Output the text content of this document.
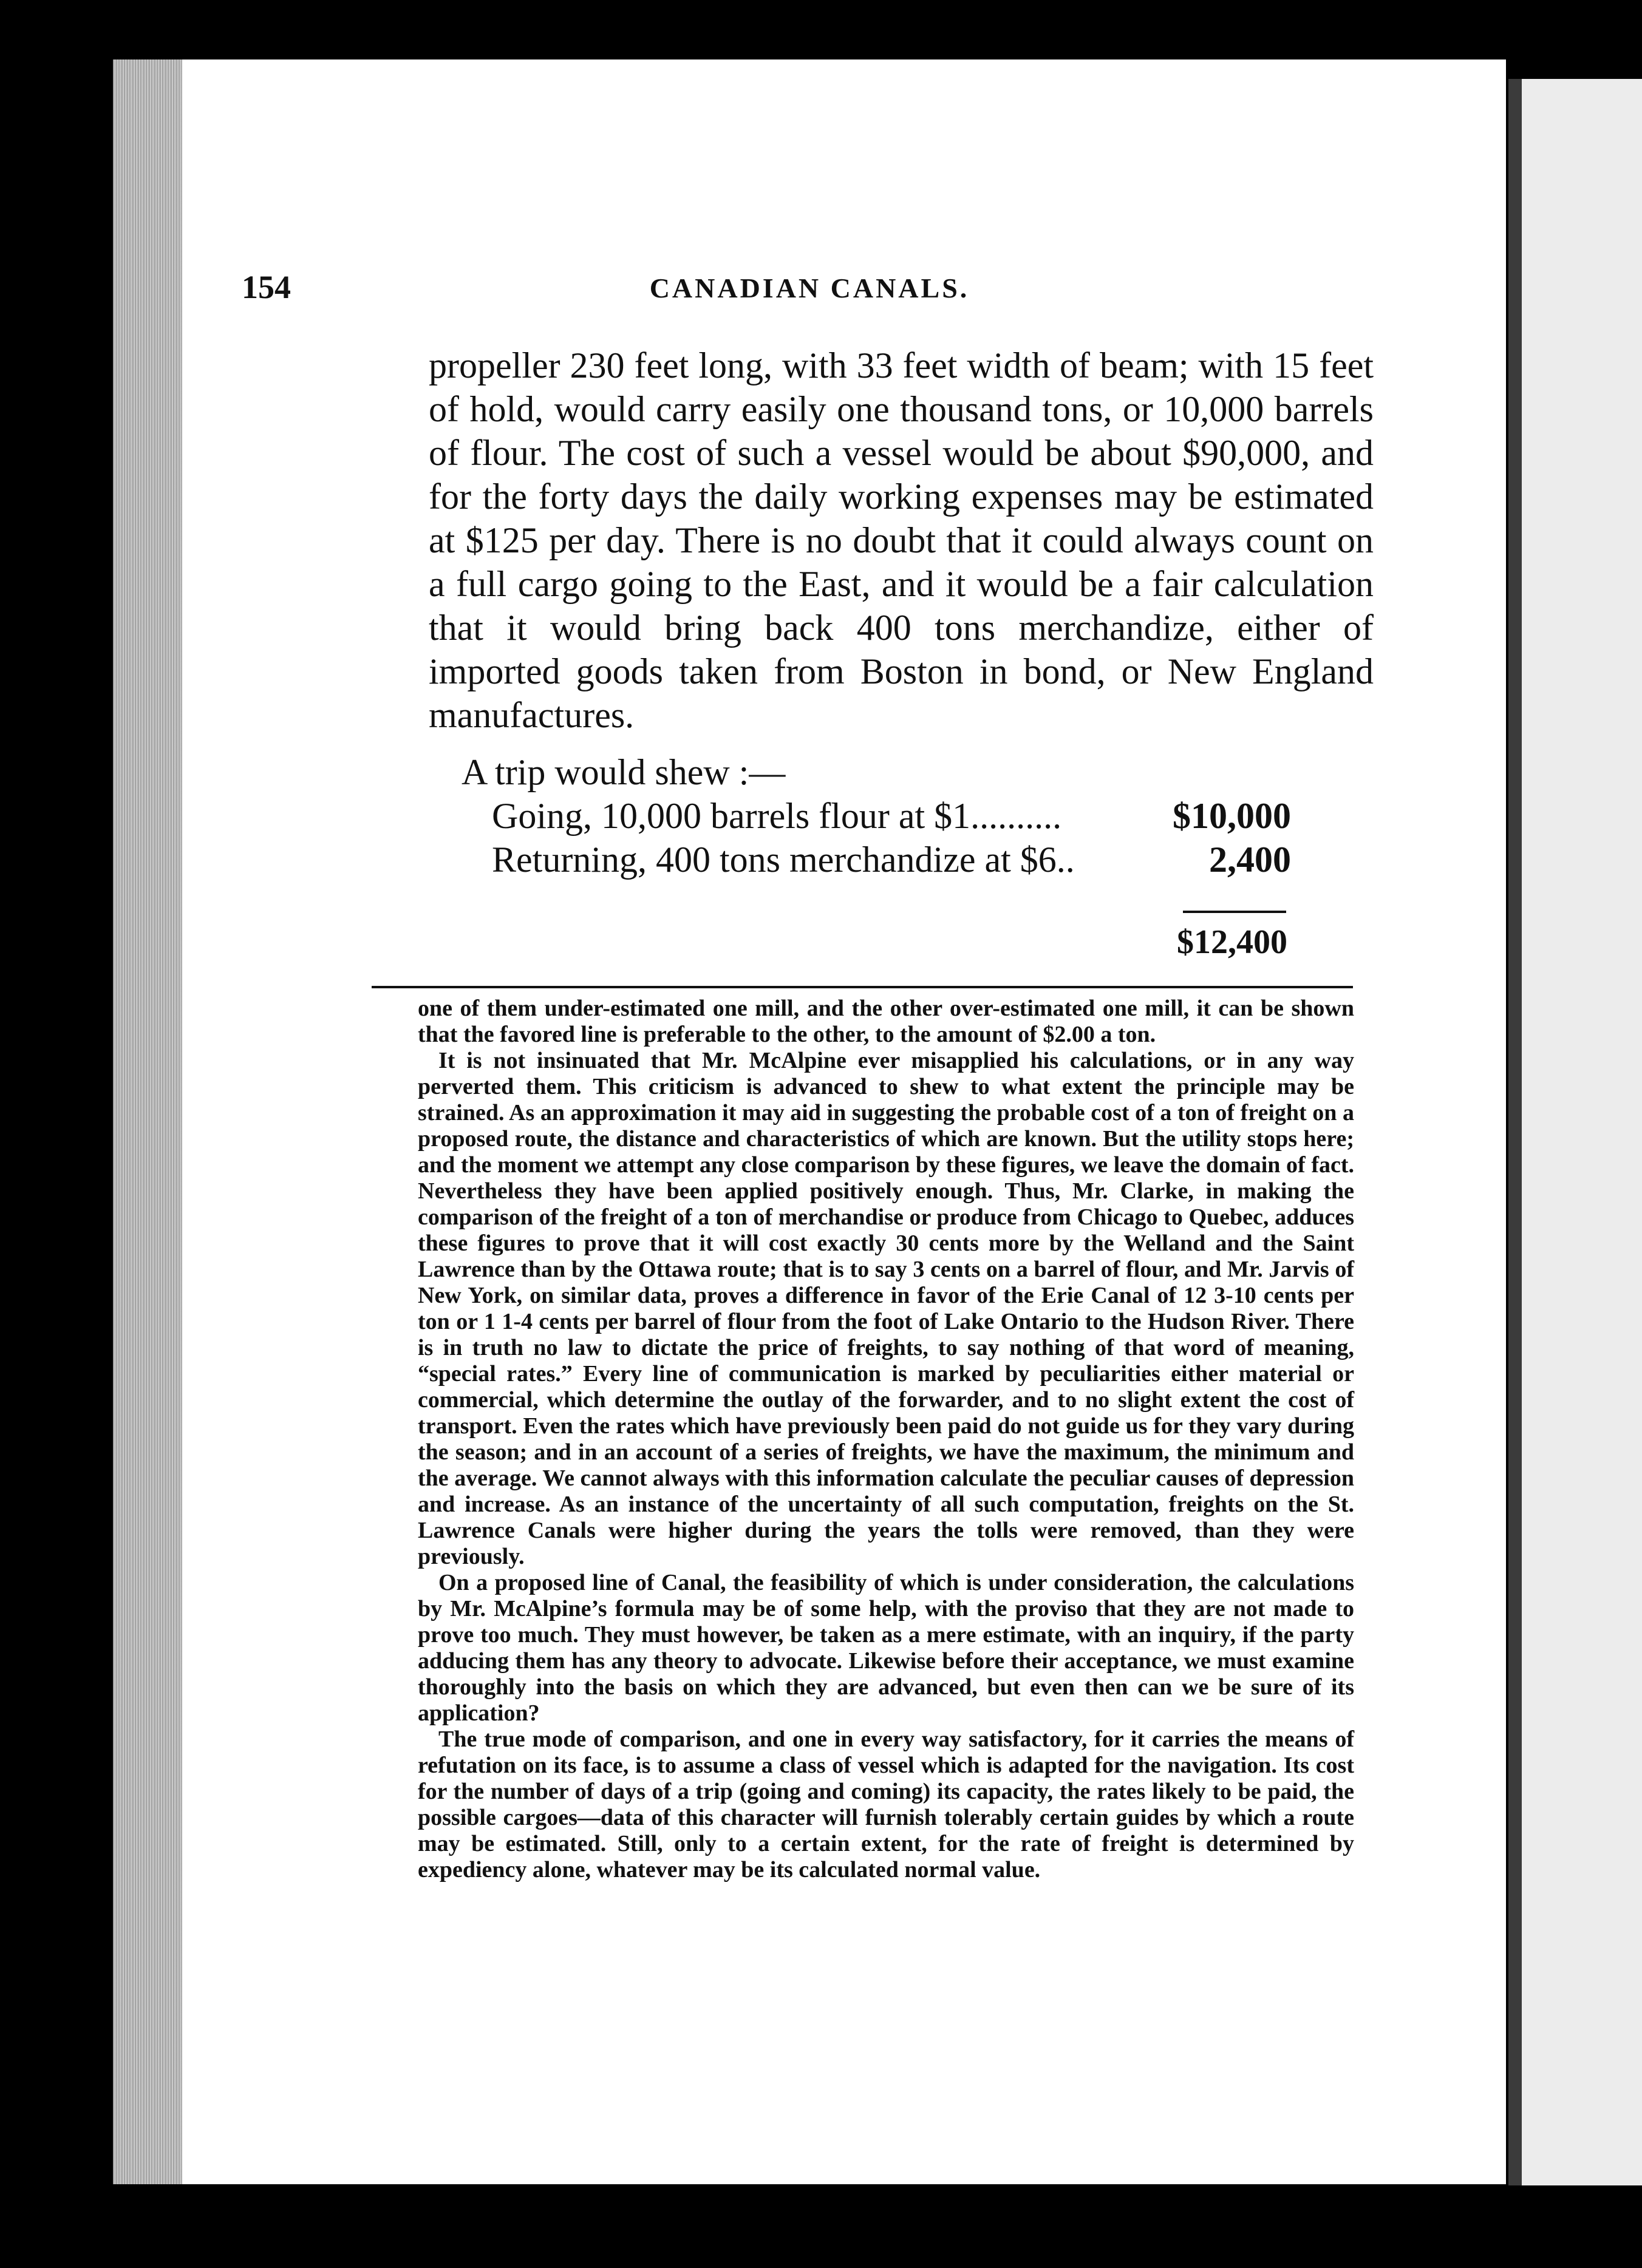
154	CANADIAN CANALS.

propeller 230 feet long, with 33 feet width of beam; with 15 feet of hold, would carry easily one thousand tons, or 10,000 barrels of flour. The cost of such a vessel would be about $90,000, and for the forty days the daily working expenses may be estimated at $125 per day. There is no doubt that it could always count on a full cargo going to the East, and it would be a fair calculation that it would bring back 400 tons merchandize, either of imported goods taken from Boston in bond, or New England manufactures.

A trip would shew :—
Going, 10,000 barrels flour at $1..........	$10,000
Returning, 400 tons merchandize at $6..	2,400
$12,400

one of them under-estimated one mill, and the other over-estimated one mill, it can be shown that the favored line is preferable to the other, to the amount of $2.00 a ton.

It is not insinuated that Mr. McAlpine ever misapplied his calculations, or in any way perverted them. This criticism is advanced to shew to what extent the principle may be strained. As an approximation it may aid in suggesting the probable cost of a ton of freight on a proposed route, the distance and characteristics of which are known. But the utility stops here; and the moment we attempt any close comparison by these figures, we leave the domain of fact. Nevertheless they have been applied positively enough. Thus, Mr. Clarke, in making the comparison of the freight of a ton of merchandise or produce from Chicago to Quebec, adduces these figures to prove that it will cost exactly 30 cents more by the Welland and the Saint Lawrence than by the Ottawa route; that is to say 3 cents on a barrel of flour, and Mr. Jarvis of New York, on similar data, proves a difference in favor of the Erie Canal of 12 3-10 cents per ton or 1 1-4 cents per barrel of flour from the foot of Lake Ontario to the Hudson River. There is in truth no law to dictate the price of freights, to say nothing of that word of meaning, “special rates.” Every line of communication is marked by peculiarities either material or commercial, which determine the outlay of the forwarder, and to no slight extent the cost of transport. Even the rates which have previously been paid do not guide us for they vary during the season; and in an account of a series of freights, we have the maximum, the minimum and the average. We cannot always with this information calculate the peculiar causes of depression and increase. As an instance of the uncertainty of all such computation, freights on the St. Lawrence Canals were higher during the years the tolls were removed, than they were previously.

On a proposed line of Canal, the feasibility of which is under consideration, the calculations by Mr. McAlpine’s formula may be of some help, with the proviso that they are not made to prove too much. They must however, be taken as a mere estimate, with an inquiry, if the party adducing them has any theory to advocate. Likewise before their acceptance, we must examine thoroughly into the basis on which they are advanced, but even then can we be sure of its application?

The true mode of comparison, and one in every way satisfactory, for it carries the means of refutation on its face, is to assume a class of vessel which is adapted for the navigation. Its cost for the number of days of a trip (going and coming) its capacity, the rates likely to be paid, the possible cargoes—data of this character will furnish tolerably certain guides by which a route may be estimated. Still, only to a certain extent, for the rate of freight is determined by expediency alone, whatever may be its calculated normal value.
